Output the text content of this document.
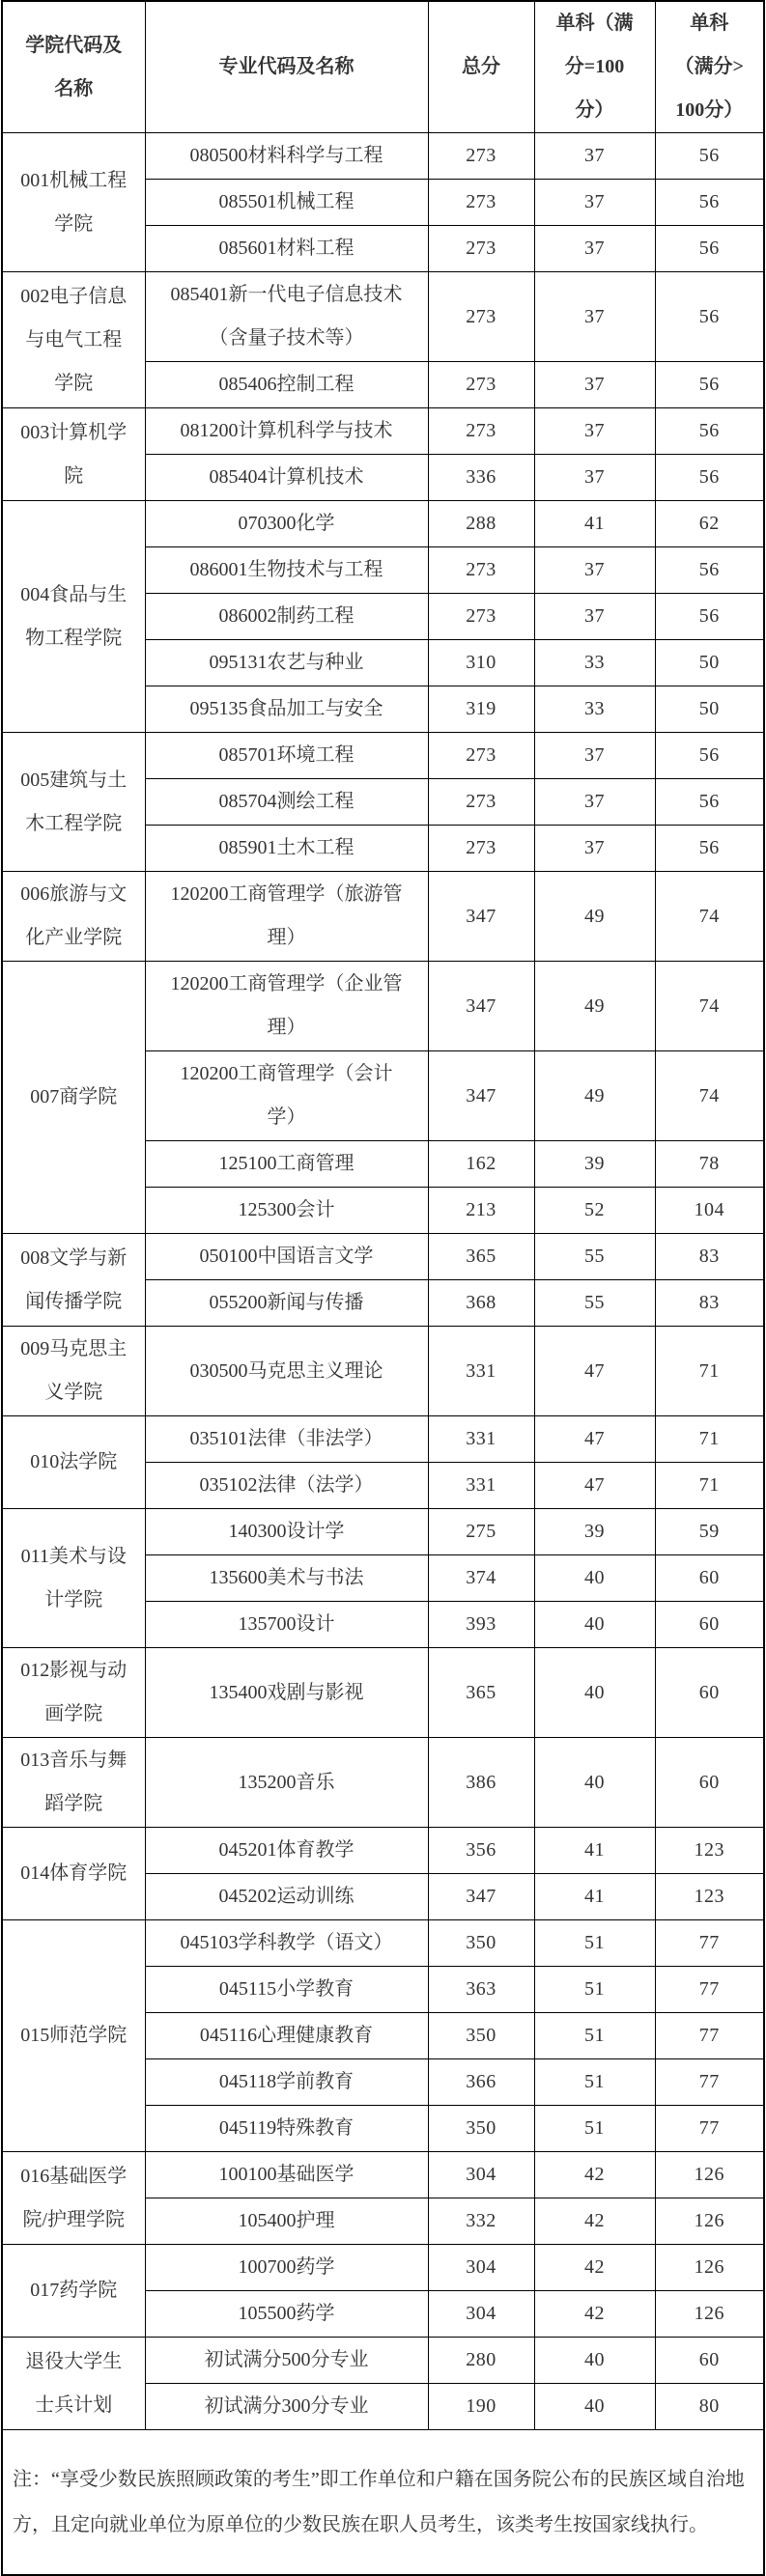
学院代码及名称	专业代码及名称	总分	单科（满分=100分）	单科（满分>100分）
001机械工程学院	080500材料科学与工程	273	37	56
	085501机械工程	273	37	56
	085601材料工程	273	37	56
002电子信息与电气工程学院	085401新一代电子信息技术（含量子技术等）	273	37	56
	085406控制工程	273	37	56
003计算机学院	081200计算机科学与技术	273	37	56
	085404计算机技术	336	37	56
004食品与生物工程学院	070300化学	288	41	62
	086001生物技术与工程	273	37	56
	086002制药工程	273	37	56
	095131农艺与种业	310	33	50
	095135食品加工与安全	319	33	50
005建筑与土木工程学院	085701环境工程	273	37	56
	085704测绘工程	273	37	56
	085901土木工程	273	37	56
006旅游与文化产业学院	120200工商管理学（旅游管理）	347	49	74
007商学院	120200工商管理学（企业管理）	347	49	74
	120200工商管理学（会计学）	347	49	74
	125100工商管理	162	39	78
	125300会计	213	52	104
008文学与新闻传播学院	050100中国语言文学	365	55	83
	055200新闻与传播	368	55	83
009马克思主义学院	030500马克思主义理论	331	47	71
010法学院	035101法律（非法学）	331	47	71
	035102法律（法学）	331	47	71
011美术与设计学院	140300设计学	275	39	59
	135600美术与书法	374	40	60
	135700设计	393	40	60
012影视与动画学院	135400戏剧与影视	365	40	60
013音乐与舞蹈学院	135200音乐	386	40	60
014体育学院	045201体育教学	356	41	123
	045202运动训练	347	41	123
015师范学院	045103学科教学（语文）	350	51	77
	045115小学教育	363	51	77
	045116心理健康教育	350	51	77
	045118学前教育	366	51	77
	045119特殊教育	350	51	77
016基础医学院/护理学院	100100基础医学	304	42	126
	105400护理	332	42	126
017药学院	100700药学	304	42	126
	105500药学	304	42	126
退役大学生士兵计划	初试满分500分专业	280	40	60
	初试满分300分专业	190	40	80
注：“享受少数民族照顾政策的考生”即工作单位和户籍在国务院公布的民族区域自治地方，且定向就业单位为原单位的少数民族在职人员考生，该类考生按国家线执行。				
